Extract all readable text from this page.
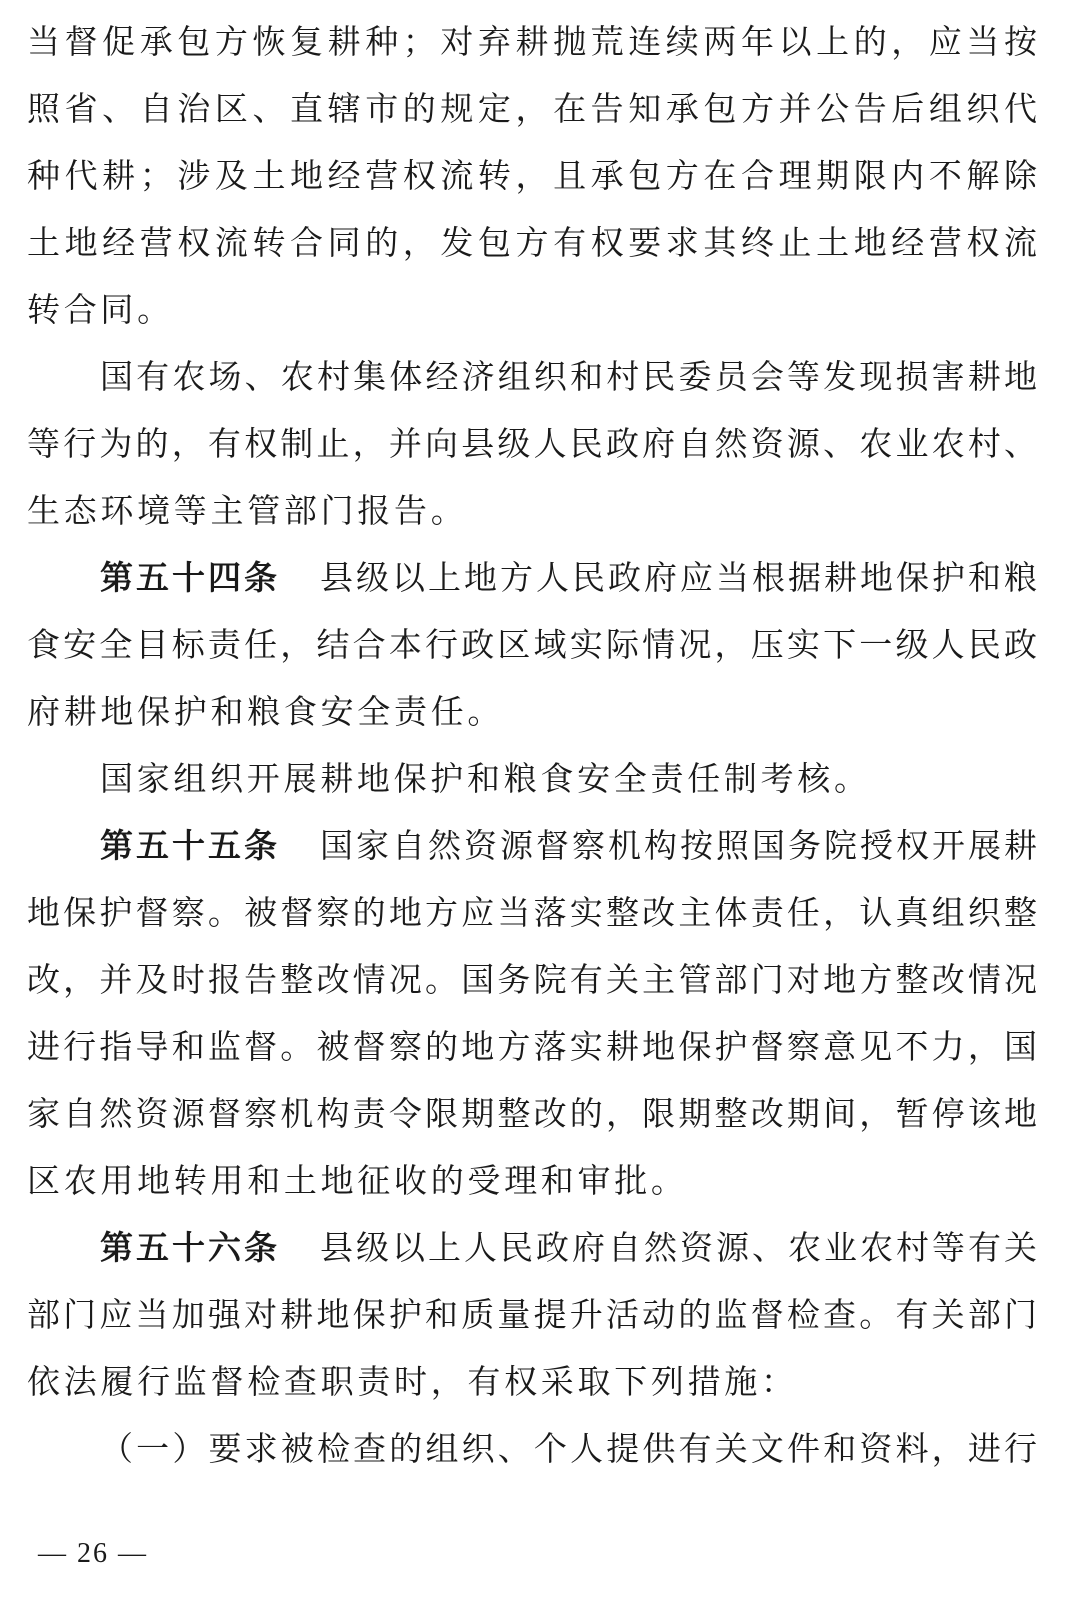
当督促承包方恢复耕种；对弃耕抛荒连续两年以上的，应当按
照省、自治区、直辖市的规定，在告知承包方并公告后组织代
种代耕；涉及土地经营权流转，且承包方在合理期限内不解除
土地经营权流转合同的，发包方有权要求其终止土地经营权流
转合同。
国有农场、农村集体经济组织和村民委员会等发现损害耕地
等行为的，有权制止，并向县级人民政府自然资源、农业农村、
生态环境等主管部门报告。
第五十四条 县级以上地方人民政府应当根据耕地保护和粮
食安全目标责任，结合本行政区域实际情况，压实下一级人民政
府耕地保护和粮食安全责任。
国家组织开展耕地保护和粮食安全责任制考核。
第五十五条 国家自然资源督察机构按照国务院授权开展耕
地保护督察。被督察的地方应当落实整改主体责任，认真组织整
改，并及时报告整改情况。国务院有关主管部门对地方整改情况
进行指导和监督。被督察的地方落实耕地保护督察意见不力，国
家自然资源督察机构责令限期整改的，限期整改期间，暂停该地
区农用地转用和土地征收的受理和审批。
第五十六条 县级以上人民政府自然资源、农业农村等有关
部门应当加强对耕地保护和质量提升活动的监督检查。有关部门
依法履行监督检查职责时，有权采取下列措施：
（一）要求被检查的组织、个人提供有关文件和资料，进行
— 26 —
